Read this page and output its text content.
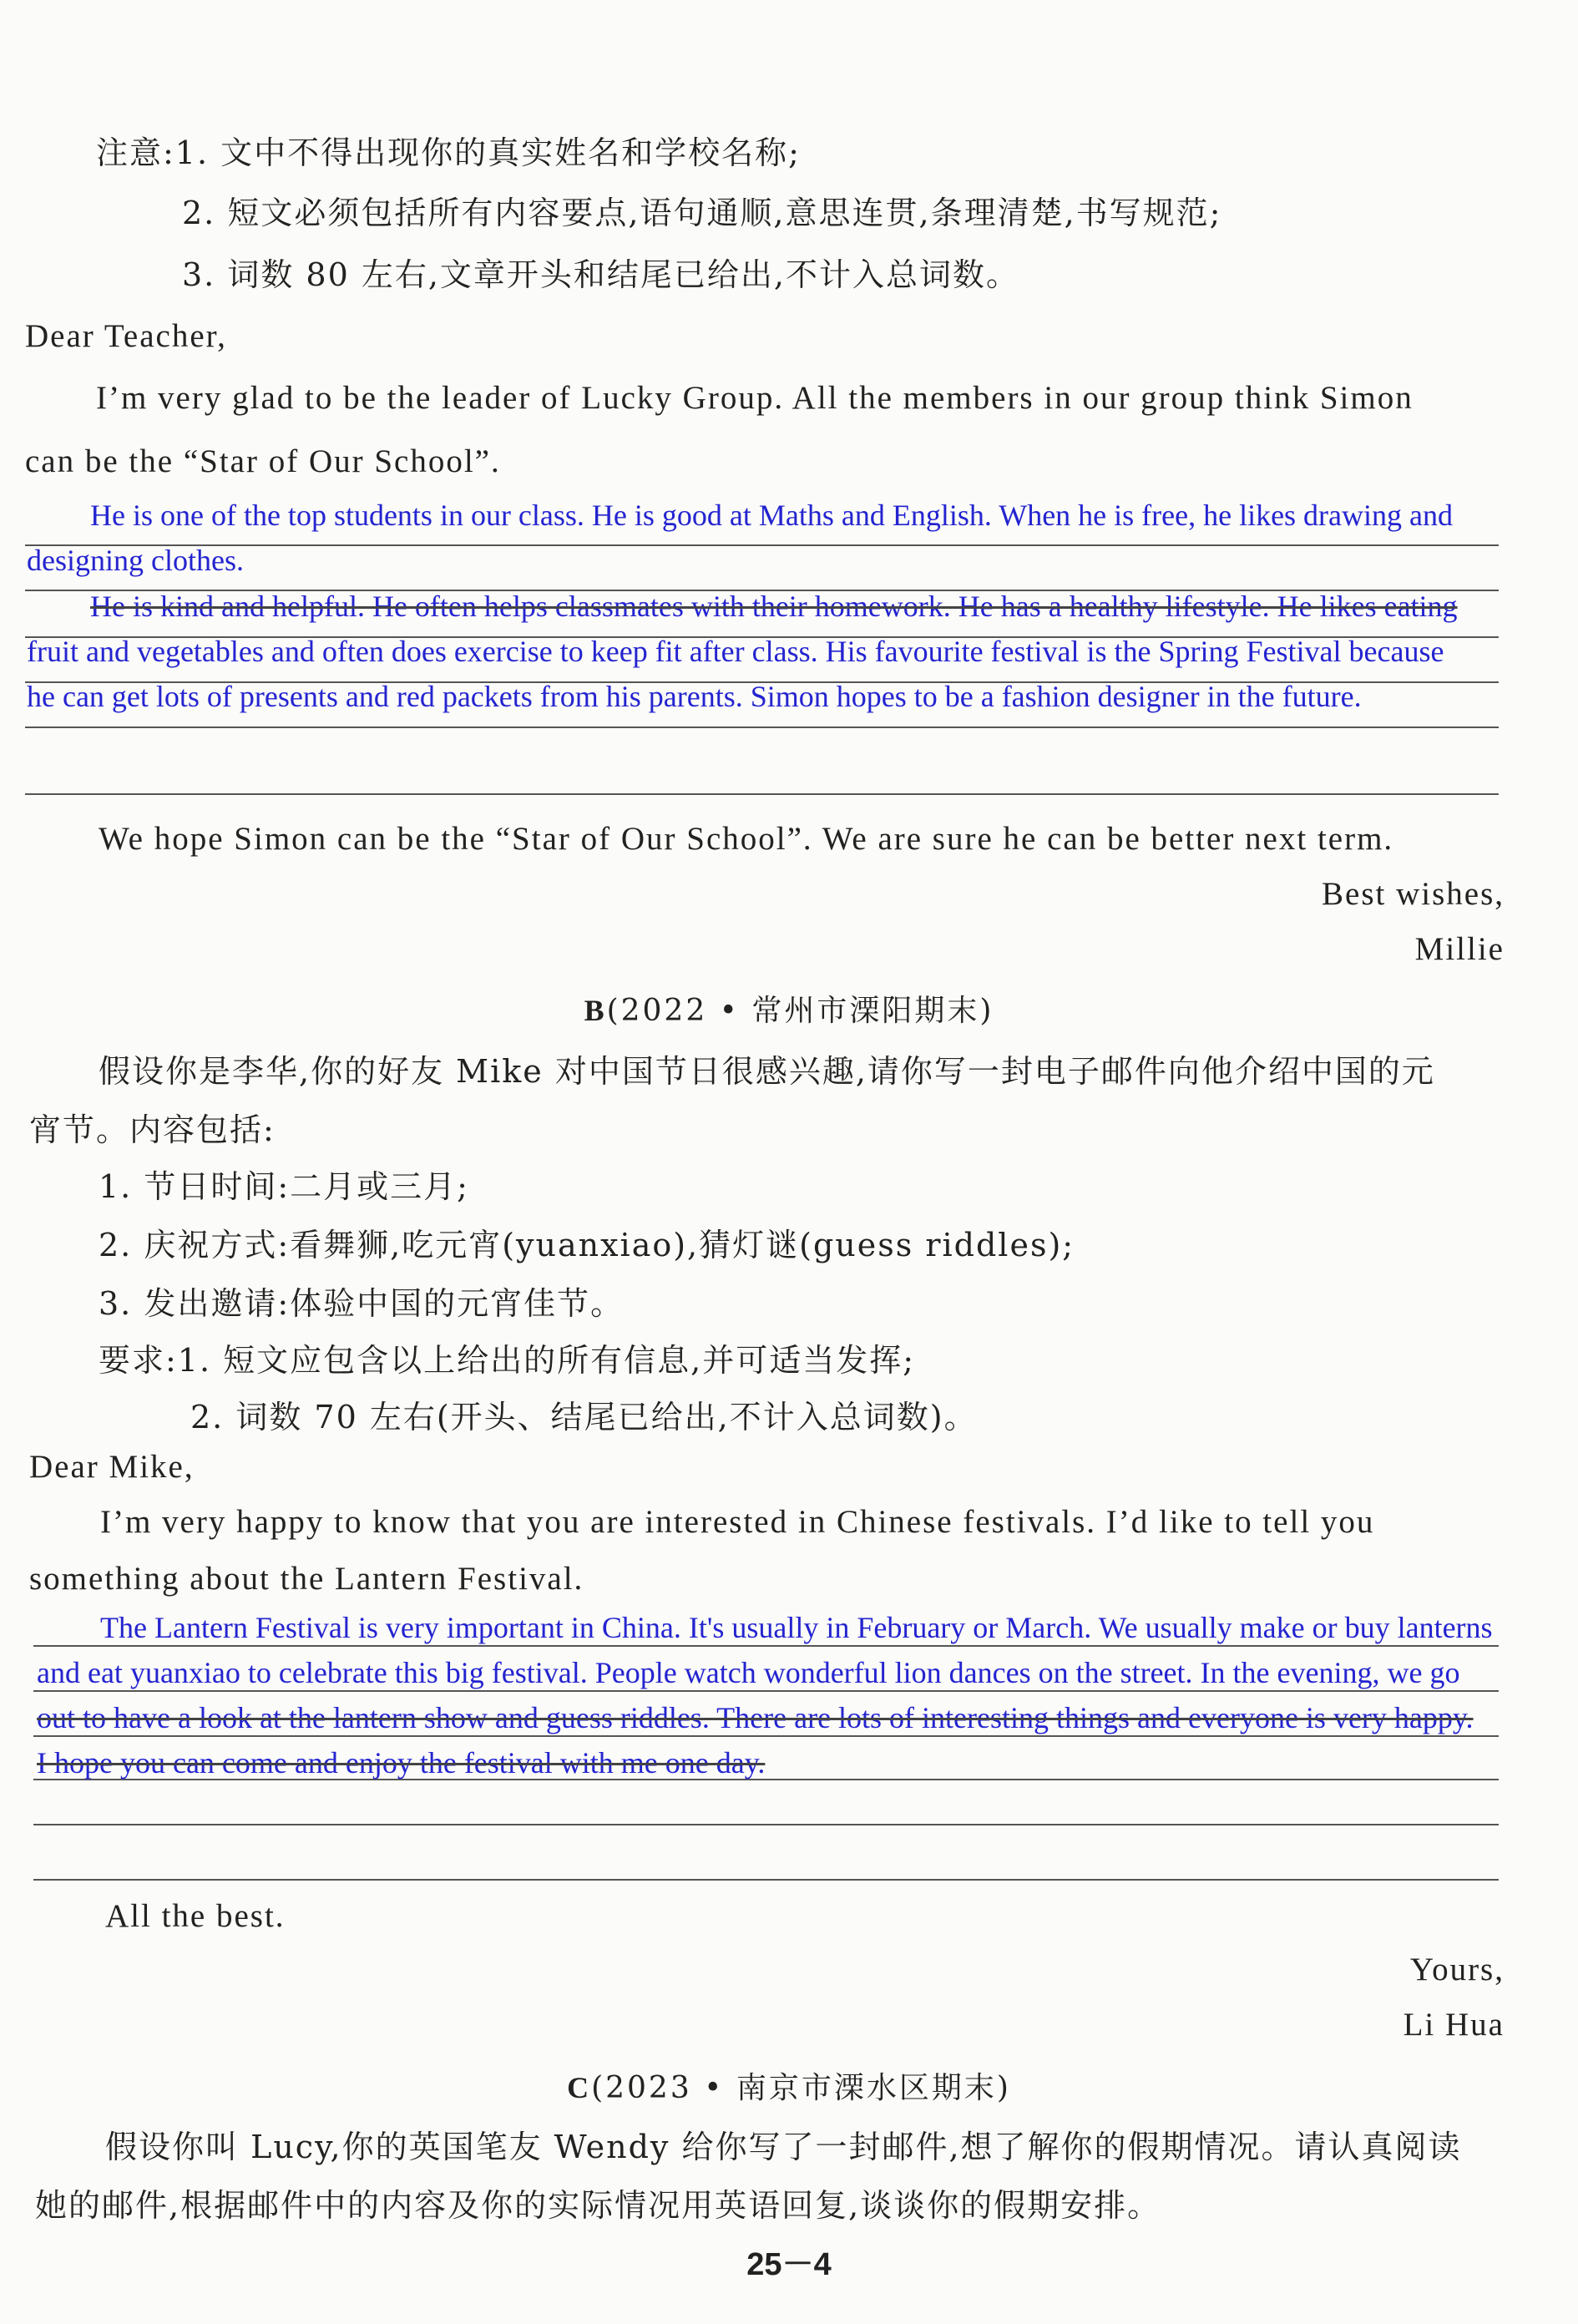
注意:1. 文中不得出现你的真实姓名和学校名称;
2. 短文必须包括所有内容要点,语句通顺,意思连贯,条理清楚,书写规范;
3. 词数 80 左右,文章开头和结尾已给出,不计入总词数。
Dear Teacher,
I’m very glad to be the leader of Lucky Group. All the members in our group think Simon
can be the “Star of Our School”.
He is one of the top students in our class. He is good at Maths and English. When he is free, he likes drawing and
designing clothes.
He is kind and helpful. He often helps classmates with their homework. He has a healthy lifestyle. He likes eating
fruit and vegetables and often does exercise to keep fit after class. His favourite festival is the Spring Festival because
he can get lots of presents and red packets from his parents. Simon hopes to be a fashion designer in the future.
We hope Simon can be the “Star of Our School”. We are sure he can be better next term.
Best wishes,
Millie
B(2022 • 常州市溧阳期末)
假设你是李华,你的好友 Mike 对中国节日很感兴趣,请你写一封电子邮件向他介绍中国的元
宵节。内容包括:
1. 节日时间:二月或三月;
2. 庆祝方式:看舞狮,吃元宵(yuanxiao),猜灯谜(guess riddles);
3. 发出邀请:体验中国的元宵佳节。
要求:1. 短文应包含以上给出的所有信息,并可适当发挥;
2. 词数 70 左右(开头、结尾已给出,不计入总词数)。
Dear Mike,
I’m very happy to know that you are interested in Chinese festivals. I’d like to tell you
something about the Lantern Festival.
The Lantern Festival is very important in China. It's usually in February or March. We usually make or buy lanterns
and eat yuanxiao to celebrate this big festival. People watch wonderful lion dances on the street. In the evening, we go
out to have a look at the lantern show and guess riddles. There are lots of interesting things and everyone is very happy.
I hope you can come and enjoy the festival with me one day.
All the best.
Yours,
Li Hua
C(2023 • 南京市溧水区期末)
假设你叫 Lucy,你的英国笔友 Wendy 给你写了一封邮件,想了解你的假期情况。请认真阅读
她的邮件,根据邮件中的内容及你的实际情况用英语回复,谈谈你的假期安排。
25－4
